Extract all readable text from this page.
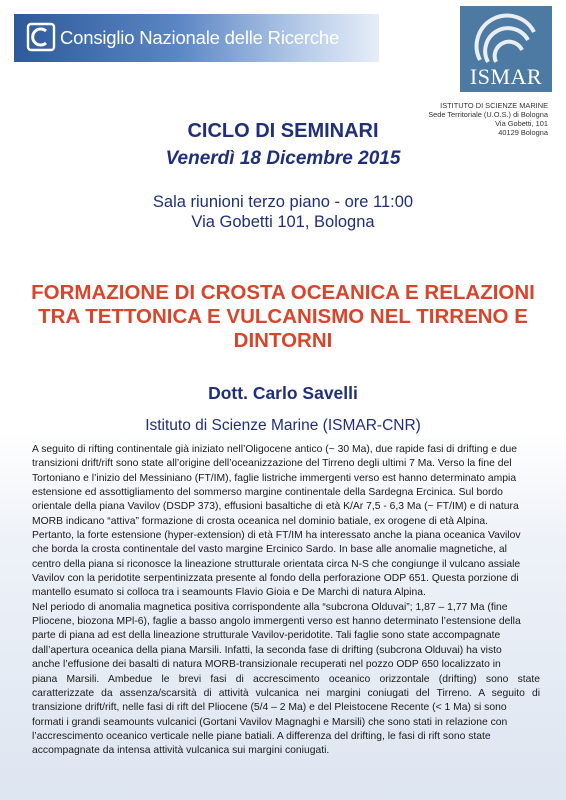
Consiglio Nazionale delle Ricerche
ISMAR
ISTITUTO DI SCIENZE MARINE
Sede Territoriale (U.O.S.) di Bologna
Via Gobetti, 101
40129 Bologna
CICLO DI SEMINARI
Venerdì 18 Dicembre 2015
Sala riunioni terzo piano - ore 11:00
Via Gobetti 101, Bologna
FORMAZIONE DI CROSTA OCEANICA E RELAZIONI
TRA TETTONICA E VULCANISMO NEL TIRRENO E
DINTORNI
Dott. Carlo Savelli
Istituto di Scienze Marine (ISMAR-CNR)
A seguito di rifting continentale già iniziato nell’Oligocene antico (~ 30 Ma), due rapide fasi di drifting e due
transizioni drift/rift sono state all’origine dell’oceanizzazione del Tirreno degli ultimi 7 Ma. Verso la fine del
Tortoniano e l’inizio del Messiniano (FT/IM), faglie listriche immergenti verso est hanno determinato ampia
estensione ed assottigliamento del sommerso margine continentale della Sardegna Ercinica. Sul bordo
orientale della piana Vavilov (DSDP 373), effusioni basaltiche di età K/Ar 7,5 - 6,3 Ma (~ FT/IM) e di natura
MORB indicano “attiva” formazione di crosta oceanica nel dominio batiale, ex orogene di età Alpina.
Pertanto, la forte estensione (hyper-extension) di età FT/IM ha interessato anche la piana oceanica Vavilov
che borda la crosta continentale del vasto margine Ercinico Sardo. In base alle anomalie magnetiche, al
centro della piana si riconosce la lineazione strutturale orientata circa N-S che congiunge il vulcano assiale
Vavilov con la peridotite serpentinizzata presente al fondo della perforazione ODP 651. Questa porzione di
mantello esumato si colloca tra i seamounts Flavio Gioia e De Marchi di natura Alpina.
Nel periodo di anomalia magnetica positiva corrispondente alla “subcrona Olduvai”; 1,87 – 1,77 Ma (fine
Pliocene, biozona MPl-6), faglie a basso angolo immergenti verso est hanno determinato l’estensione della
parte di piana ad est della lineazione strutturale Vavilov-peridotite. Tali faglie sono state accompagnate
dall’apertura oceanica della piana Marsili. Infatti, la seconda fase di drifting (subcrona Olduvai) ha visto
anche l’effusione dei basalti di natura MORB-transizionale recuperati nel pozzo ODP 650 localizzato in
piana Marsili. Ambedue le brevi fasi di accrescimento oceanico orizzontale (drifting) sono state
caratterizzate da assenza/scarsità di attività vulcanica nei margini coniugati del Tirreno. A seguito di
transizione drift/rift, nelle fasi di rift del Pliocene (5/4 – 2 Ma) e del Pleistocene Recente (< 1 Ma) si sono
formati i grandi seamounts vulcanici (Gortani Vavilov Magnaghi e Marsili) che sono stati in relazione con
l’accrescimento oceanico verticale nelle piane batiali. A differenza del drifting, le fasi di rift sono state
accompagnate da intensa attività vulcanica sui margini coniugati.
